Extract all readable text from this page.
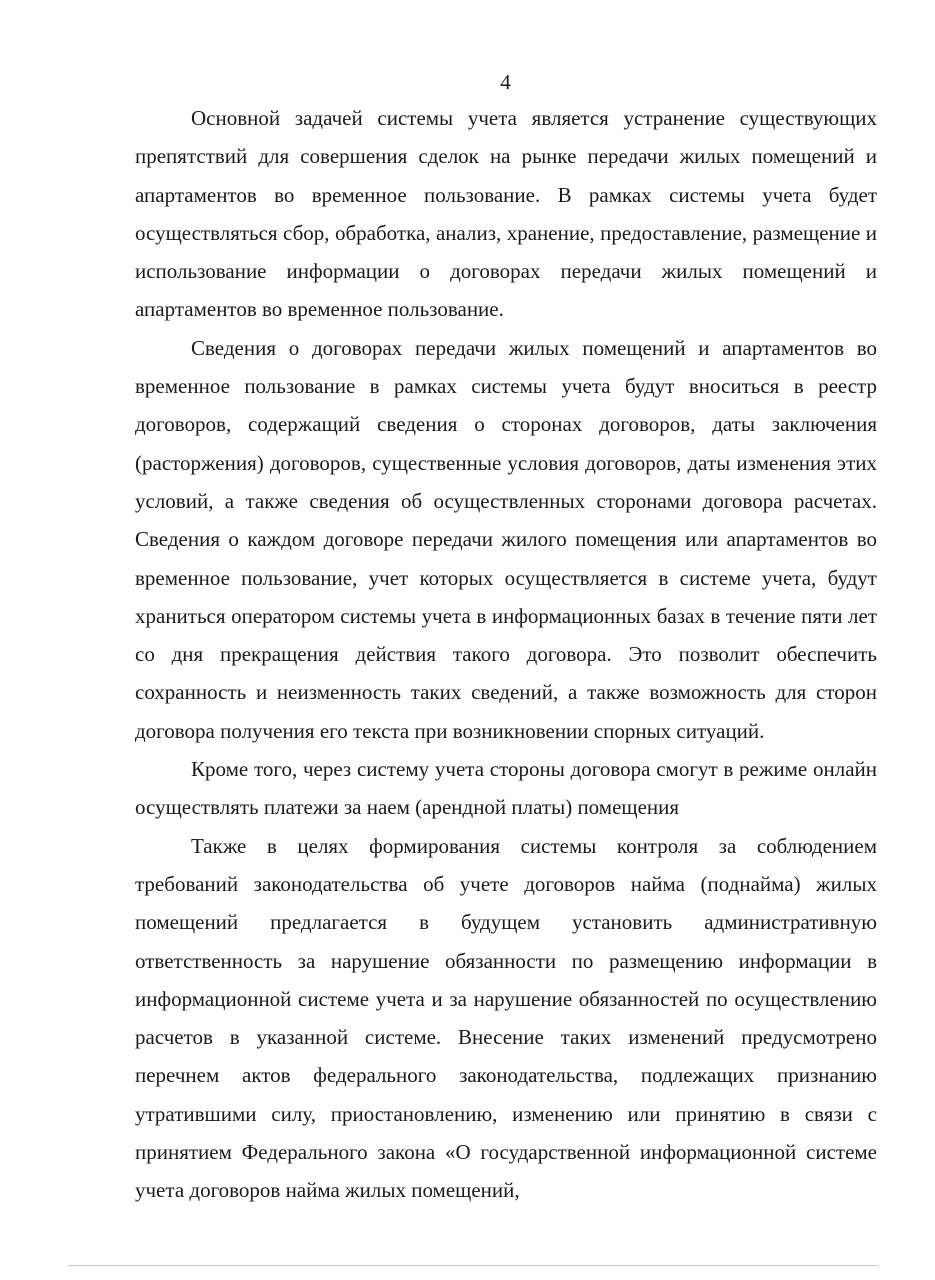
4

Основной задачей системы учета является устранение существующих препятствий для совершения сделок на рынке передачи жилых помещений и апартаментов во временное пользование. В рамках системы учета будет осуществляться сбор, обработка, анализ, хранение, предоставление, размещение и использование информации о договорах передачи жилых помещений и апартаментов во временное пользование.

Сведения о договорах передачи жилых помещений и апартаментов во временное пользование в рамках системы учета будут вноситься в реестр договоров, содержащий сведения о сторонах договоров, даты заключения (расторжения) договоров, существенные условия договоров, даты изменения этих условий, а также сведения об осуществленных сторонами договора расчетах. Сведения о каждом договоре передачи жилого помещения или апартаментов во временное пользование, учет которых осуществляется в системе учета, будут храниться оператором системы учета в информационных базах в течение пяти лет со дня прекращения действия такого договора. Это позволит обеспечить сохранность и неизменность таких сведений, а также возможность для сторон договора получения его текста при возникновении спорных ситуаций.

Кроме того, через систему учета стороны договора смогут в режиме онлайн осуществлять платежи за наем (арендной платы) помещения

Также в целях формирования системы контроля за соблюдением требований законодательства об учете договоров найма (поднайма) жилых помещений предлагается в будущем установить административную ответственность за нарушение обязанности по размещению информации в информационной системе учета и за нарушение обязанностей по осуществлению расчетов в указанной системе. Внесение таких изменений предусмотрено перечнем актов федерального законодательства, подлежащих признанию утратившими силу, приостановлению, изменению или принятию в связи с принятием Федерального закона «О государственной информационной системе учета договоров найма жилых помещений,
